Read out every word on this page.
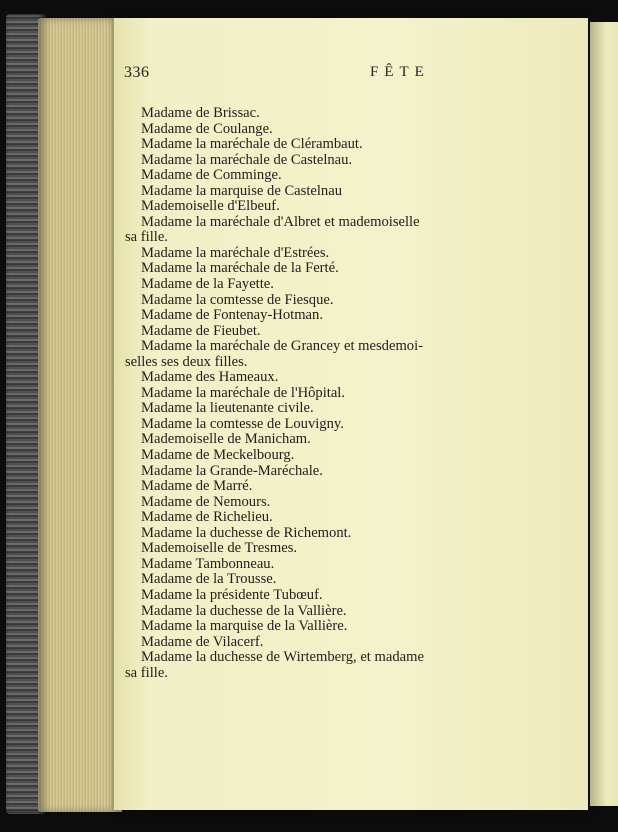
336	FÊTE
Madame de Brissac.
Madame de Coulange.
Madame la maréchale de Clérambaut.
Madame la maréchale de Castelnau.
Madame de Comminge.
Madame la marquise de Castelnau
Mademoiselle d'Elbeuf.
Madame la maréchale d'Albret et mademoiselle
sa fille.
Madame la maréchale d'Estrées.
Madame la maréchale de la Ferté.
Madame de la Fayette.
Madame la comtesse de Fiesque.
Madame de Fontenay-Hotman.
Madame de Fieubet.
Madame la maréchale de Grancey et mesdemoi-
selles ses deux filles.
Madame des Hameaux.
Madame la maréchale de l'Hôpital.
Madame la lieutenante civile.
Madame la comtesse de Louvigny.
Mademoiselle de Manicham.
Madame de Meckelbourg.
Madame la Grande-Maréchale.
Madame de Marré.
Madame de Nemours.
Madame de Richelieu.
Madame la duchesse de Richemont.
Mademoiselle de Tresmes.
Madame Tambonneau.
Madame de la Trousse.
Madame la présidente Tubœuf.
Madame la duchesse de la Vallière.
Madame la marquise de la Vallière.
Madame de Vilacerf.
Madame la duchesse de Wirtemberg, et madame
sa fille.
